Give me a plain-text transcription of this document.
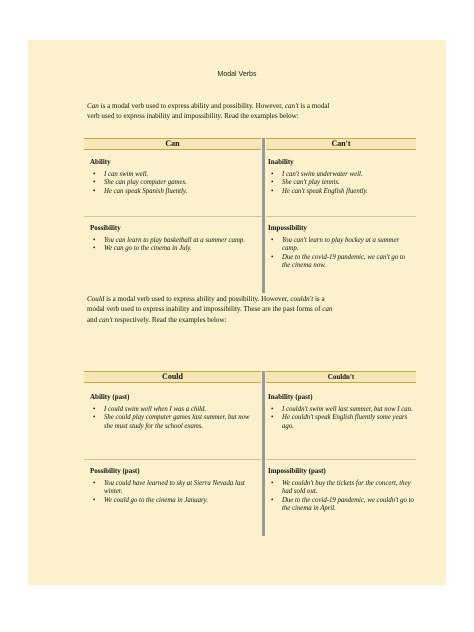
Modal Verbs
Can is a modal verb used to express ability and possibility. However, can't is a modal
verb used to express inability and impossibility. Read the examples below:
Can	Can't
Ability
• I can swim well.
• She can play computer games.
• He can speak Spanish fluently.
Inability
• I can't swim underwater well.
• She can't play tennis.
• He can't speak English fluently.
Possibility
• You can learn to play basketball at a summer camp.
• We can go to the cinema in July.
Impossibility
• You can't learn to play hockey at a summer camp.
• Due to the covid-19 pandemic, we can't go to the cinema now.
Could is a modal verb used to express ability and possibility. However, couldn't is a
modal verb used to express inability and impossibility. These are the past forms of can
and can't respectively. Read the examples below:
Could	Couldn't
Ability (past)
• I could swim well when I was a child.
• She could play computer games last summer, but now she must study for the school exams.
Inability (past)
• I couldn't swim well last summer, but now I can.
• He couldn't speak English fluently some years ago.
Possibility (past)
• You could have learned to sky at Sierra Nevada last winter.
• We could go to the cinema in January.
Impossibility (past)
• We couldn't buy the tickets for the concert, they had sold out.
• Due to the covid-19 pandemic, we couldn't go to the cinema in April.
